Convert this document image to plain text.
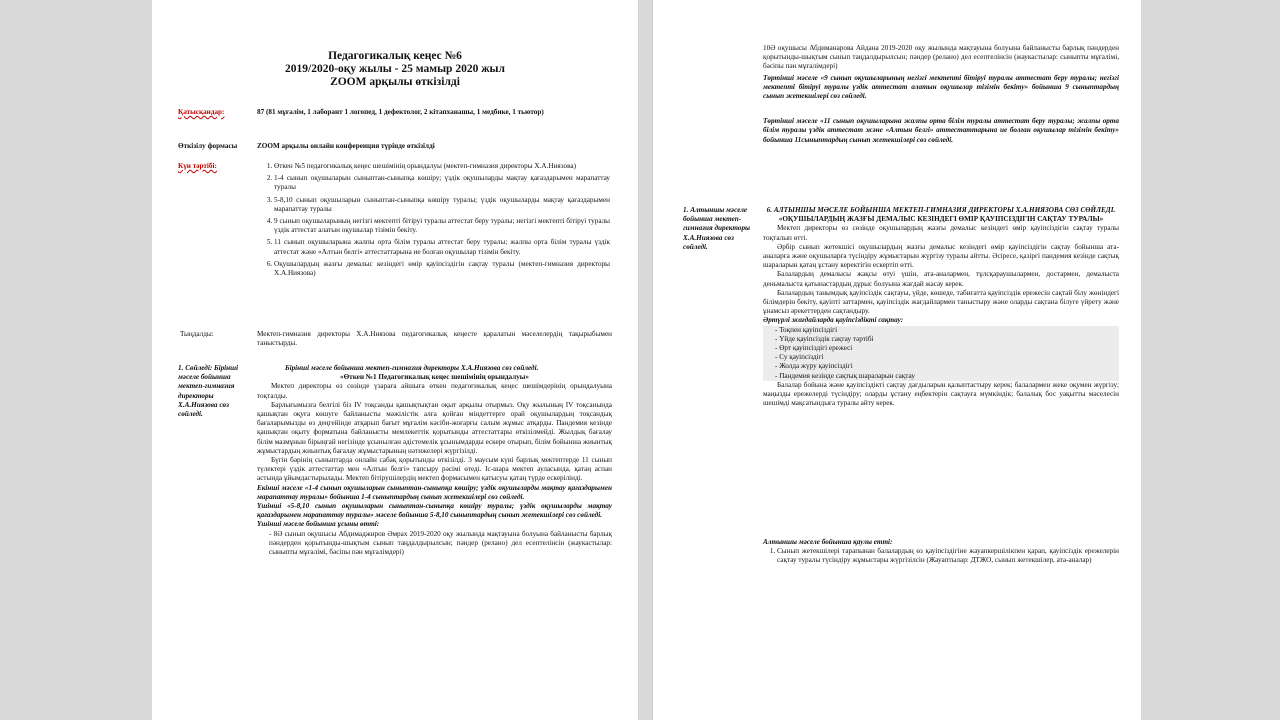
Педагогикалық кеңес №6
2019/2020-оқу жылы - 25 мамыр 2020 жыл
ZOOM арқылы өткізілді
Қатысқандар:	87 (81 мұғалім, 1 лаборант 1 логопед, 1 дефектолог, 2 кітапханашы, 1 медбике, 1 тьютор)
Өткізілу формасы	ZOOM арқылы онлайн конференция түрінде өткізілді
Күн тәртібі:
1.	Өткен №5 педагогикалық кеңес шешімінің орындалуы (мектеп-гимназия директоры Х.А.Ниязова)
2. 1-4 сынып оқушыларын сыныптан-сыныпқа көшіру; үздік оқушыларды мақтау қағаздарымен марапаттау туралы
3. 5-8,10 сынып оқушыларын сыныптан-сыныпқа көшіру туралы; үздік оқушыларды мақтау қағаздарымен марапаттау туралы
4. 9 сынып оқушыларының негізгі мектепті бітіруі туралы аттестат беру туралы; негізгі мектепті бітіруі туралы үздік аттестат алатын оқушылар тізімін бекіту.
5. 11 сынып оқушыларына жалпы орта білім туралы аттестат беру туралы; жалпы орта білім туралы үздік аттестат және «Алтын белгі» аттестаттарына ие болған оқушылар тізімін бекіту.
6. Оқушылардың жазғы демалыс кезіндегі өмір қауіпсіздігін сақтау туралы (мектеп-гимназия директоры Х.А.Ниязова)
Тыңдалды:	Мектеп-гимназия директоры Х.А.Ниязова педагогикалық кеңесте қаралатын мәселелердің тақырыбымен таныстырды.
1. Сөйледі: Бірінші мәселе бойынша мектеп-гимназия директоры Х.А.Ниязова сөз сөйледі.
Бірінші мәселе бойынша мектеп-гимназия директоры Х.А.Ниязова сөз сөйледі.
«Өткен №1 Педагогикалық кеңес шешімінің орындалуы»
Мектеп директоры өз сөзінде үзараға айшыға өткен педагогикалық кеңес шешімдерінің орындалуына тоқталды.
Барлығымызға белгілі біз IV тоқсанды қашықтықтан оқыт арқылы отырмыз. Оқу жылының IV тоқсанында қашықтан оқуға көшуге байланысты мәжілістік алға қойған міндеттерге орай оқушылардың тоқсандық бағаларымызды өз деңгейінде атқарып бағыт мұғалім кәсіби-жоғарғы салым жұмыс атқарды. Пандемия кезінде қашықтан оқыту форматына байланысты мемлекеттік қорытынды аттестаттары өткізілмейді. Жылдық бағалау білім мазмұнын бірыңғай негізінде ұсынылған әдістемелік ұсынымдарды ескере отырып, білім бойынша жиынтық жұмыстардың жиынтық бағалау жұмыстарының нәтижелері жүргізілді.
Бүгін бәрінің сыныптарда онлайн сабақ қорытынды өткізілді. 3 маусым күні барлық мектептерде 11 сынып түлектері үздік аттестаттар мен «Алтын белгі» тапсыру рәсімі өтеді. Іс-шара мектеп ауласында, қатаң аспан астында ұйымдастырылады. Мектеп бітірушілердің мектеп формасымен қатысуы қатаң түрде ескерілінді.
Екінші мәселе «1-4 сынып оқушыларын сыныптан-сыныпқа көшіру; үздік оқушыларды мақтау қағаздарымен марапаттау туралы» бойынша 1-4 сыныптардың сынып жетекшілері сөз сөйледі.
Үшінші «5-8,10 сынып оқушыларын сыныптан-сыныпқа көшіру туралы; үздік оқушыларды мақтау қағаздарымен марапаттау туралы» мәселе бойынша 5-8,10 сыныптардың сынып жетекшілері сөз сөйледі.
Үшінші мәселе бойынша ұсыны өтті:
- 8Ә сынып оқушысы Абдимаджиров Әмрах 2019-2020 оқу жылында мақтауына болуына байланысты барлық пәндерден қорытынды-шықтым сынып таңдалдырылсын; пәндер (релано) дел есептелінсін (жаукастылар: сыныпты мұғалімі, бәсіпы пән мұғалімдері)
10Ә оқушысы Абдиманарова Айдана 2019-2020 оқу жылында мақтауына болуына байланысты барлық пәндерден қорытынды-шықтым сынып таңдалдырылсын; пәндер (релано) дел есептелінсін (жаукастылар: сыныпты мұғалімі, бәсіпы пән мұғалімдері)
Төртінші мәселе «9 сынып оқушыларының негізгі мектепті бітіруі туралы аттестат беру туралы; негізгі мектепті бітіруі туралы үздік аттестат алатын оқушылар тізімін бекіту» бойынша 9 сыныптардың сынып жетекшілері сөз сөйледі.
Төртінші мәселе «11 сынып оқушыларына жалпы орта білім туралы аттестат беру туралы; жалпы орта білім туралы үздік аттестат және «Алтын белгі» аттестаттарына ие болған оқушылар тізімін бекіту» бойынша 11сыныптардың сынып жетекшілері сөз сөйледі.
1. Алтыншы мәселе бойынша мектеп-гимназия директоры Х.А.Ниязова сөз сөйледі.
6. АЛТЫНШЫ МӘСЕЛЕ БОЙЫНША МЕКТЕП-ГИМНАЗИЯ ДИРЕКТОРЫ Х.А.НИЯЗОВА СӨЗ СӨЙЛЕДІ.
«ОҚУШЫЛАРДЫҢ ЖАЗҒЫ ДЕМАЛЫС КЕЗІНДЕГІ ӨМІР ҚАУІПСІЗДІГІН САҚТАУ ТУРАЛЫ»
Мектеп директоры өз сөзінде оқушылардың жазғы демалыс кезіндегі өмір қауіпсіздігін сақтау туралы тоқталып өтті.
Әрбір сынып жетекшісі оқушылардың жазғы демалыс кезіндегі өмір қауіпсіздігін сақтау бойынша ата-аналарға және оқушыларға түсіндіру жұмыстарын жүргізу туралы айтты. Әсіресе, қазіргі пандемия кезінде сақтық шараларын қатаң ұстану керектігін ескертіп өтті.
Балалардың демалысы жақсы өтуі үшін, ата-аналармен, тұлсқараушылармен, достармен, демалыста деньмалыста қатынастардың дұрыс болуына жағдай жасау керек.
Балалардың танымдық қауіпсіздік сақтауы, үйде, көшеде, табиғатта қауіпсіздік ережесін сақтай білу жөніндегі білімдерін бекіту, қауіпті заттармен, қауіпсіздік жағдайлармен таныстыру және оларды сақтана білуге үйрету және ұнамсыз әрекеттерден сақтандыру.
Әртүрлі жағдайларда қауіпсіздікті сақтау:
- Тоқпен қауіпсіздігі
- Үйде қауіпсіздік сақтау тәртібі
- Өрт қауіпсіздігі ережесі
- Су қауіпсіздігі
- Жолда жүру қауіпсіздігі
- Пандемия кезінде сақтық шараларын сақтау
Балалар бойына және қауіпсіздікті сақтау дағдыларын қалыптастыру керек; балалармен жеке оқумен жүргізу; маңызды ережелерді түсіндіру; оларды ұстану еңбектерін сақтауға мүмкіндік; балалық бос уақытты мәселесін шешімді мақсатындыға туралы айту керек.
Алтыншы мәселе бойынша қаулы етті:
1. Сынып жетекшілері тарапынан балалардың өз қауіпсіздігіне жауапкершілікпен қарап, қауіпсіздік ережелерін сақтау туралы түсіндіру жұмыстары жүргізілсін (Жауаптылар: ДТЖО, сынып жетекшілер, ата-аналар)
